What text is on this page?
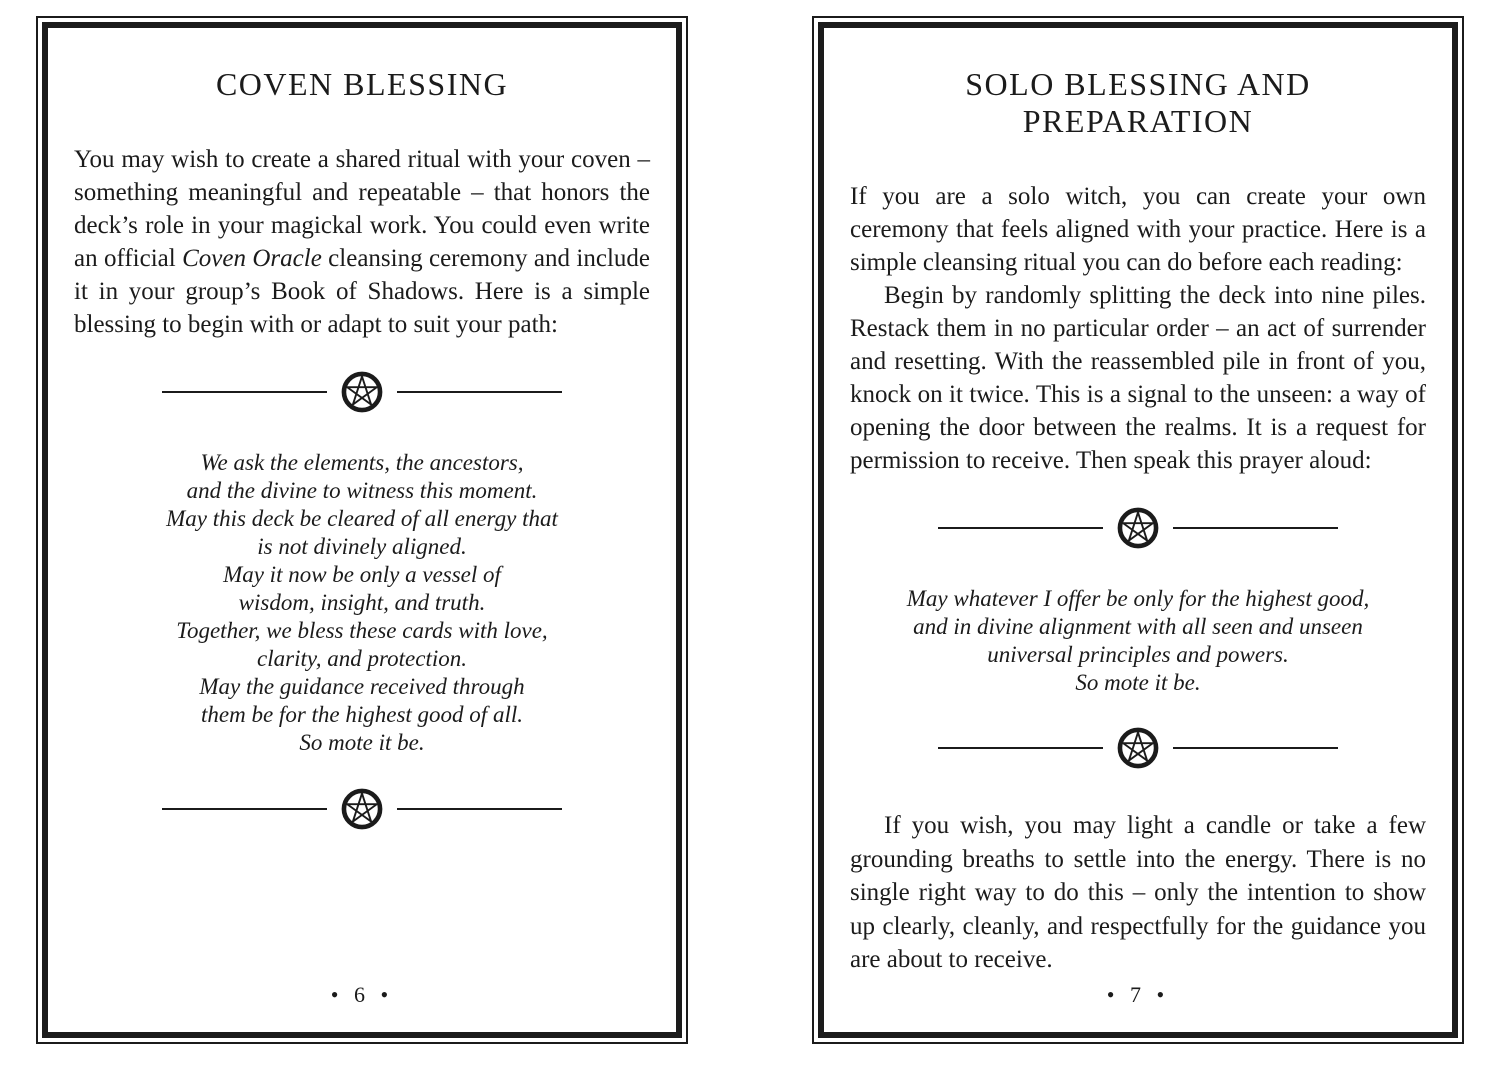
COVEN BLESSING

You may wish to create a shared ritual with your coven – something meaningful and repeatable – that honors the deck’s role in your magickal work. You could even write an official Coven Oracle cleansing ceremony and include it in your group’s Book of Shadows. Here is a simple blessing to begin with or adapt to suit your path:

We ask the elements, the ancestors,
and the divine to witness this moment.
May this deck be cleared of all energy that
is not divinely aligned.
May it now be only a vessel of
wisdom, insight, and truth.
Together, we bless these cards with love,
clarity, and protection.
May the guidance received through
them be for the highest good of all.
So mote it be.
• 6 •
SOLO BLESSING AND PREPARATION

If you are a solo witch, you can create your own ceremony that feels aligned with your practice. Here is a simple cleansing ritual you can do before each reading:

Begin by randomly splitting the deck into nine piles. Restack them in no particular order – an act of surrender and resetting. With the reassembled pile in front of you, knock on it twice. This is a signal to the unseen: a way of opening the door between the realms. It is a request for permission to receive. Then speak this prayer aloud:

May whatever I offer be only for the highest good,
and in divine alignment with all seen and unseen
universal principles and powers.
So mote it be.

If you wish, you may light a candle or take a few grounding breaths to settle into the energy. There is no single right way to do this – only the intention to show up clearly, cleanly, and respectfully for the guidance you are about to receive.

• 7 •
